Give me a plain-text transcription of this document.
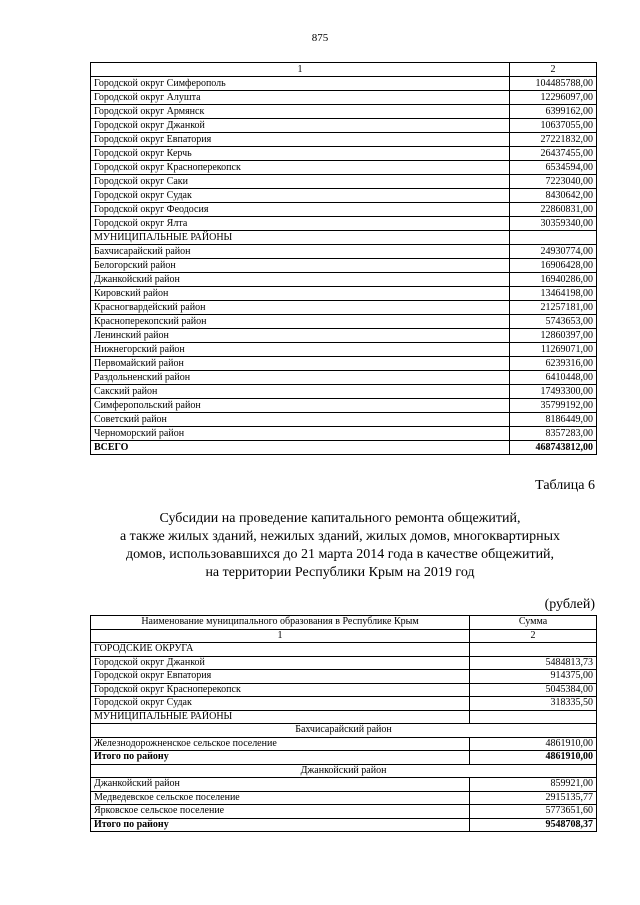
875
1	2
Городской округ Симферополь	104485788,00
Городской округ Алушта	12296097,00
Городской округ Армянск	6399162,00
Городской округ Джанкой	10637055,00
Городской округ Евпатория	27221832,00
Городской округ Керчь	26437455,00
Городской округ Красноперекопск	6534594,00
Городской округ Саки	7223040,00
Городской округ Судак	8430642,00
Городской округ Феодосия	22860831,00
Городской округ Ялта	30359340,00
МУНИЦИПАЛЬНЫЕ РАЙОНЫ	
Бахчисарайский район	24930774,00
Белогорский район	16906428,00
Джанкойский район	16940286,00
Кировский район	13464198,00
Красногвардейский район	21257181,00
Красноперекопский район	5743653,00
Ленинский район	12860397,00
Нижнегорский район	11269071,00
Первомайский район	6239316,00
Раздольненский район	6410448,00
Сакский район	17493300,00
Симферопольский район	35799192,00
Советский район	8186449,00
Черноморский район	8357283,00
ВСЕГО	468743812,00
Таблица 6
Субсидии на проведение капитального ремонта общежитий,
а также жилых зданий, нежилых зданий, жилых домов, многоквартирных
домов, использовавшихся до 21 марта 2014 года в качестве общежитий,
на территории Республики Крым на 2019 год
(рублей)
Наименование муниципального образования в Республике Крым	Сумма
1	2
ГОРОДСКИЕ ОКРУГА	
Городской округ Джанкой	5484813,73
Городской округ Евпатория	914375,00
Городской округ Красноперекопск	5045384,00
Городской округ Судак	318335,50
МУНИЦИПАЛЬНЫЕ РАЙОНЫ	
Бахчисарайский район	
Железнодорожненское сельское поселение	4861910,00
Итого по району	4861910,00
Джанкойский район	
Джанкойский район	859921,00
Медведевское сельское поселение	2915135,77
Ярковское сельское поселение	5773651,60
Итого по району	9548708,37
